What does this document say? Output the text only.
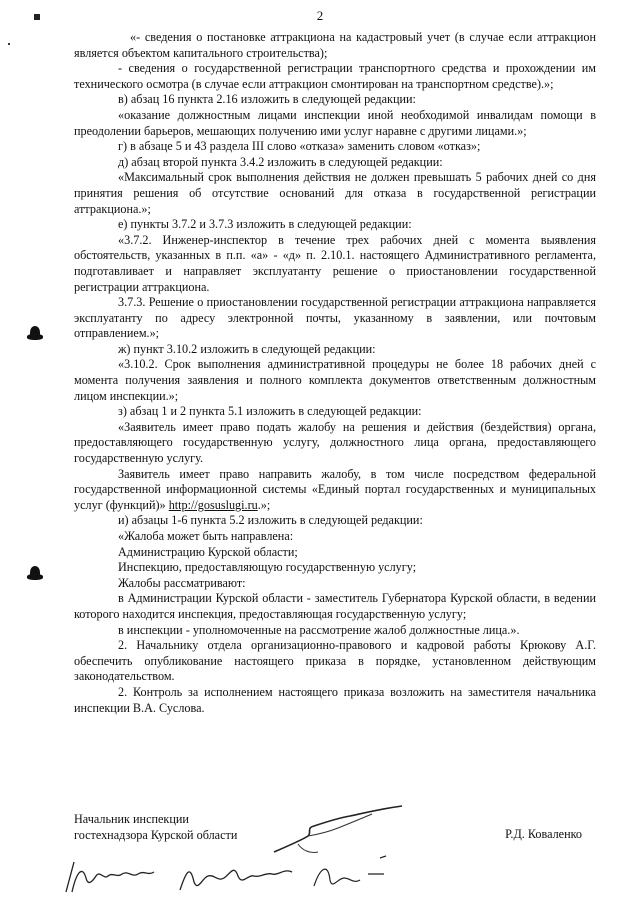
2

«- сведения о постановке аттракциона на кадастровый учет (в случае если аттракцион является объектом капитального строительства);

- сведения о государственной регистрации транспортного средства и прохождении им технического осмотра (в случае если аттракцион смонтирован на транспортном средстве).»;

в) абзац 16 пункта 2.16 изложить в следующей редакции:

«оказание должностным лицами инспекции иной необходимой инвалидам помощи в преодолении барьеров, мешающих получению ими услуг наравне с другими лицами.»;

г) в абзаце 5 и 43 раздела III слово «отказа» заменить словом «отказ»;

д) абзац второй пункта 3.4.2 изложить в следующей редакции:

«Максимальный срок выполнения действия не должен превышать 5 рабочих дней со дня принятия решения об отсутствие оснований для отказа в государственной регистрации аттракциона.»;

е) пункты 3.7.2 и 3.7.3 изложить в следующей редакции:

«3.7.2. Инженер-инспектор в течение трех рабочих дней с момента выявления обстоятельств, указанных в п.п. «а» - «д» п. 2.10.1. настоящего Административного регламента, подготавливает и направляет эксплуатанту решение о приостановлении государственной регистрации аттракциона.

3.7.3. Решение о приостановлении государственной регистрации аттракциона направляется эксплуатанту по адресу электронной почты, указанному в заявлении, или почтовым отправлением.»;

ж) пункт 3.10.2 изложить в следующей редакции:

«3.10.2. Срок выполнения административной процедуры не более 18 рабочих дней с момента получения заявления и полного комплекта документов ответственным должностным лицом инспекции.»;

з) абзац 1 и 2 пункта 5.1 изложить в следующей редакции:

«Заявитель имеет право подать жалобу на решения и действия (бездействия) органа, предоставляющего государственную услугу, должностного лица органа, предоставляющего государственную услугу.

Заявитель имеет право направить жалобу, в том числе посредством федеральной государственной информационной системы «Единый портал государственных и муниципальных услуг (функций)» http://gosuslugi.ru.»;

и) абзацы 1-6 пункта 5.2 изложить в следующей редакции:

«Жалоба может быть направлена:

Администрацию Курской области;

Инспекцию, предоставляющую государственную услугу;

Жалобы рассматривают:

в Администрации Курской области - заместитель Губернатора Курской области, в ведении которого находится инспекция, предоставляющая государственную услугу;

в инспекции - уполномоченные на рассмотрение жалоб должностные лица.».

2. Начальнику отдела организационно-правового и кадровой работы Крюкову А.Г. обеспечить опубликование настоящего приказа в порядке, установленном действующим законодательством.

2. Контроль за исполнением настоящего приказа возложить на заместителя начальника инспекции В.А. Суслова.

Начальник инспекции
гостехнадзора Курской области	Р.Д. Коваленко
